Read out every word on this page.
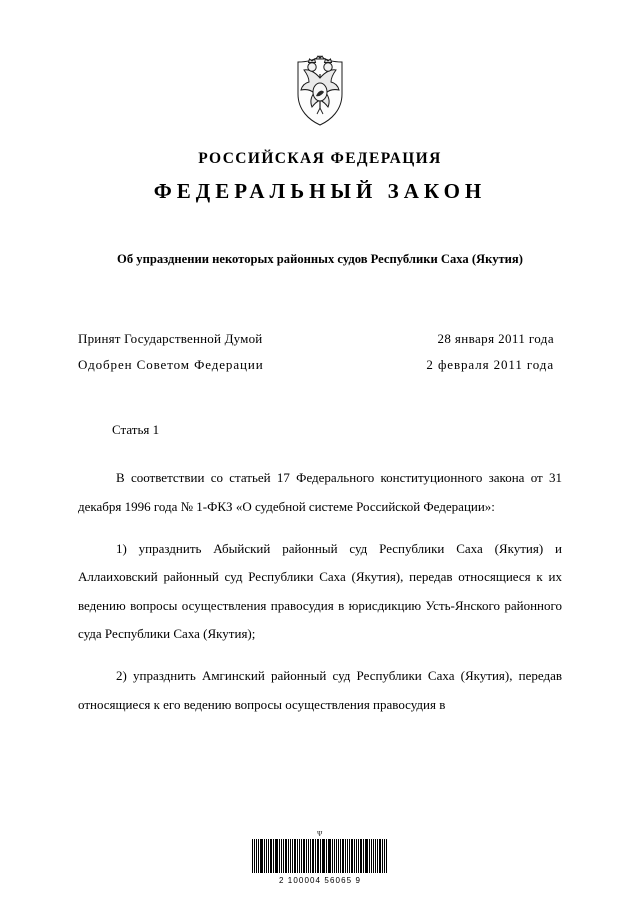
РОССИЙСКАЯ ФЕДЕРАЦИЯ
ФЕДЕРАЛЬНЫЙ ЗАКОН
Об упразднении некоторых районных судов Республики Саха (Якутия)
Принят Государственной Думой	28 января 2011 года
Одобрен Советом Федерации	2 февраля 2011 года
Статья 1

В соответствии со статьей 17 Федерального конституционного закона от 31 декабря 1996 года № 1-ФКЗ «О судебной системе Российской Федерации»:

1) упразднить Абыйский районный суд Республики Саха (Якутия) и Аллаиховский районный суд Республики Саха (Якутия), передав относящиеся к их ведению вопросы осуществления правосудия в юрисдикцию Усть-Янского районного суда Республики Саха (Якутия);

2) упразднить Амгинский районный суд Республики Саха (Якутия), передав относящиеся к его ведению вопросы осуществления правосудия в

Ψ
2 100004 56065 9
